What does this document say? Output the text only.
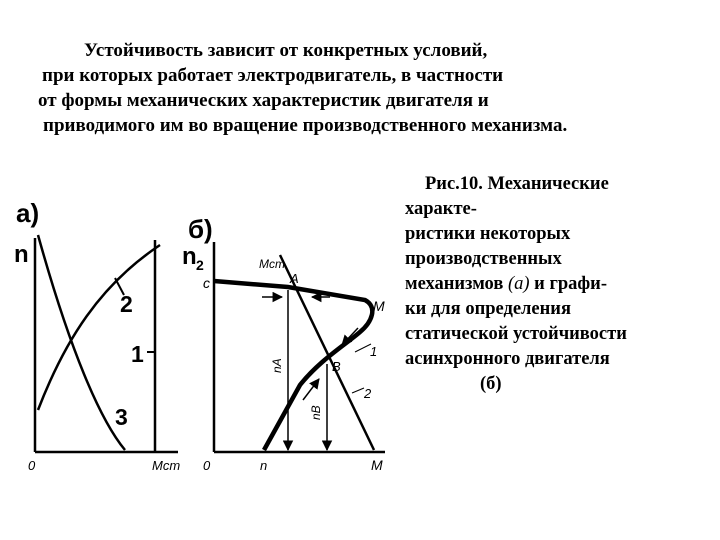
Устойчивость зависит от конкретных условий,
при которых работает электродвигатель, в частности
от формы механических характеристик двигателя и
приводимого им во вращение производственного механизма.
Рис.10. Механические
характе-
ристики некоторых
производственных
механизмов (а) и графи-
ки для определения
статической устойчивости
асинхронного двигателя
(б)
а)
n
2
1
3
0	Мст
б)
n 2
с	А
В
М
Мст
1
2
nА
nВ
0	n	М
